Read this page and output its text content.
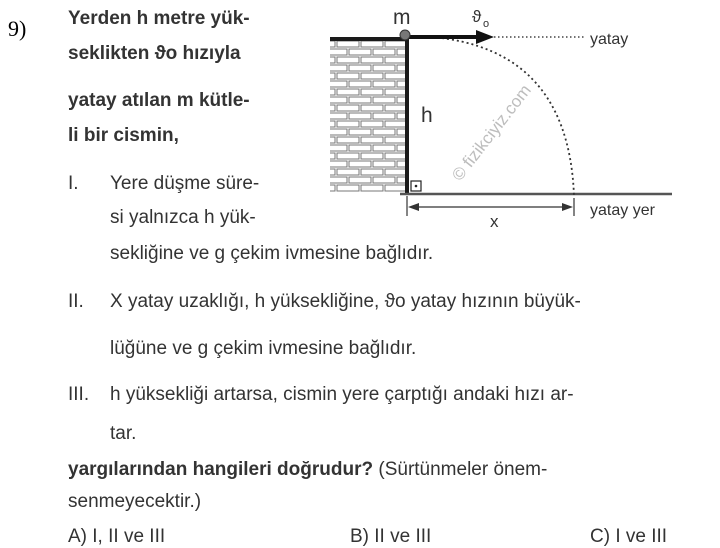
9) Yerden h metre yük-
seklikten ϑo hızıyla
yatay atılan m kütle-
li bir cismin,	© fizikciyiz.com
m	ϑ o
yatay
h
x
yatay yer
I. Yere düşme süre-
si yalnızca h yük-
sekliğine ve g çekim ivmesine bağlıdır.
II. X yatay uzaklığı, h yüksekliğine, ϑo yatay hızının büyük-
lüğüne ve g çekim ivmesine bağlıdır.
III. h yüksekliği artarsa, cismin yere çarptığı andaki hızı ar-
tar.
yargılarından hangileri doğrudur? (Sürtünmeler önem-
senmeyecektir.)
A) I, II ve III	B) II ve III	C) I ve III
